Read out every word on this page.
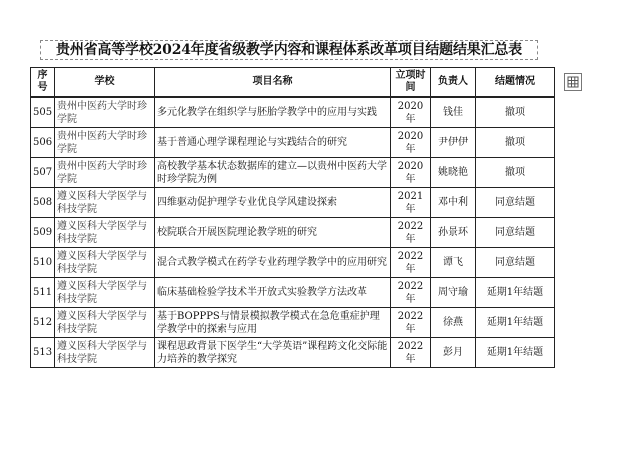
贵州省高等学校2024年度省级教学内容和课程体系改革项目结题结果汇总表
序号	学校	项目名称	立项时间	负责人	结题情况
505	贵州中医药大学时珍学院	多元化教学在组织学与胚胎学教学中的应用与实践	2020年	钱佳	撤项
506	贵州中医药大学时珍学院	基于普通心理学课程理论与实践结合的研究	2020年	尹伊伊	撤项
507	贵州中医药大学时珍学院	高校教学基本状态数据库的建立—以贵州中医药大学时珍学院为例	2020年	姚晓艳	撤项
508	遵义医科大学医学与科技学院	四维驱动促护理学专业优良学风建设探索	2021年	邓中利	同意结题
509	遵义医科大学医学与科技学院	校院联合开展医院理论教学班的研究	2022年	孙景环	同意结题
510	遵义医科大学医学与科技学院	混合式教学模式在药学专业药理学教学中的应用研究	2022年	谭飞	同意结题
511	遵义医科大学医学与科技学院	临床基础检验学技术半开放式实验教学方法改革	2022年	周守瑜	延期1年结题
512	遵义医科大学医学与科技学院	基于BOPPPS与情景模拟教学模式在急危重症护理学教学中的探索与应用	2022年	徐燕	延期1年结题
513	遵义医科大学医学与科技学院	课程思政背景下医学生“大学英语”课程跨文化交际能力培养的教学探究	2022年	彭月	延期1年结题
